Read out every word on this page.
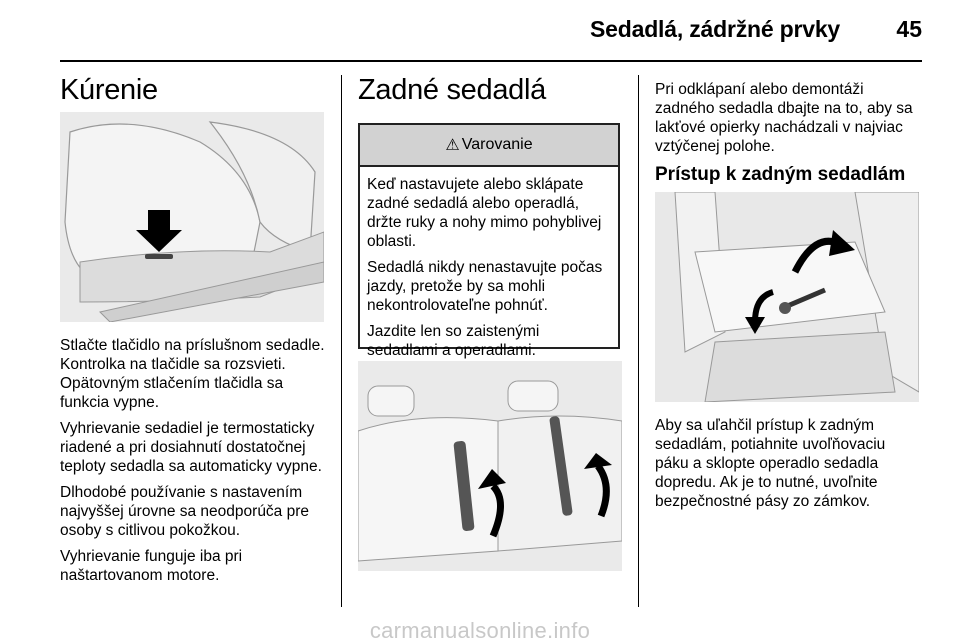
Sedadlá, zádržné prvky 45
Kúrenie

Stlačte tlačidlo na príslušnom sedadle. Kontrolka na tlačidle sa rozsvieti. Opätovným stlačením tlačidla sa funkcia vypne.

Vyhrievanie sedadiel je termostaticky riadené a pri dosiahnutí dostatočnej teploty sedadla sa automaticky vypne.

Dlhodobé používanie s nastavením najvyššej úrovne sa neodporúča pre osoby s citlivou pokožkou.

Vyhrievanie funguje iba pri naštartovanom motore.

Zadné sedadlá
⚠ Varovanie

Keď nastavujete alebo sklápate zadné sedadlá alebo operadlá, držte ruky a nohy mimo pohyblivej oblasti.

Sedadlá nikdy nenastavujte počas jazdy, pretože by sa mohli nekontrolovateľne pohnúť.

Jazdite len so zaistenými sedadlami a operadlami.

Pri odklápaní alebo demontáži zadného sedadla dbajte na to, aby sa lakťové opierky nachádzali v najviac vztýčenej polohe.

Prístup k zadným sedadlám

Aby sa uľahčil prístup k zadným sedadlám, potiahnite uvoľňovaciu páku a sklopte operadlo sedadla dopredu. Ak je to nutné, uvoľnite bezpečnostné pásy zo zámkov.

carmanualsonline.info
